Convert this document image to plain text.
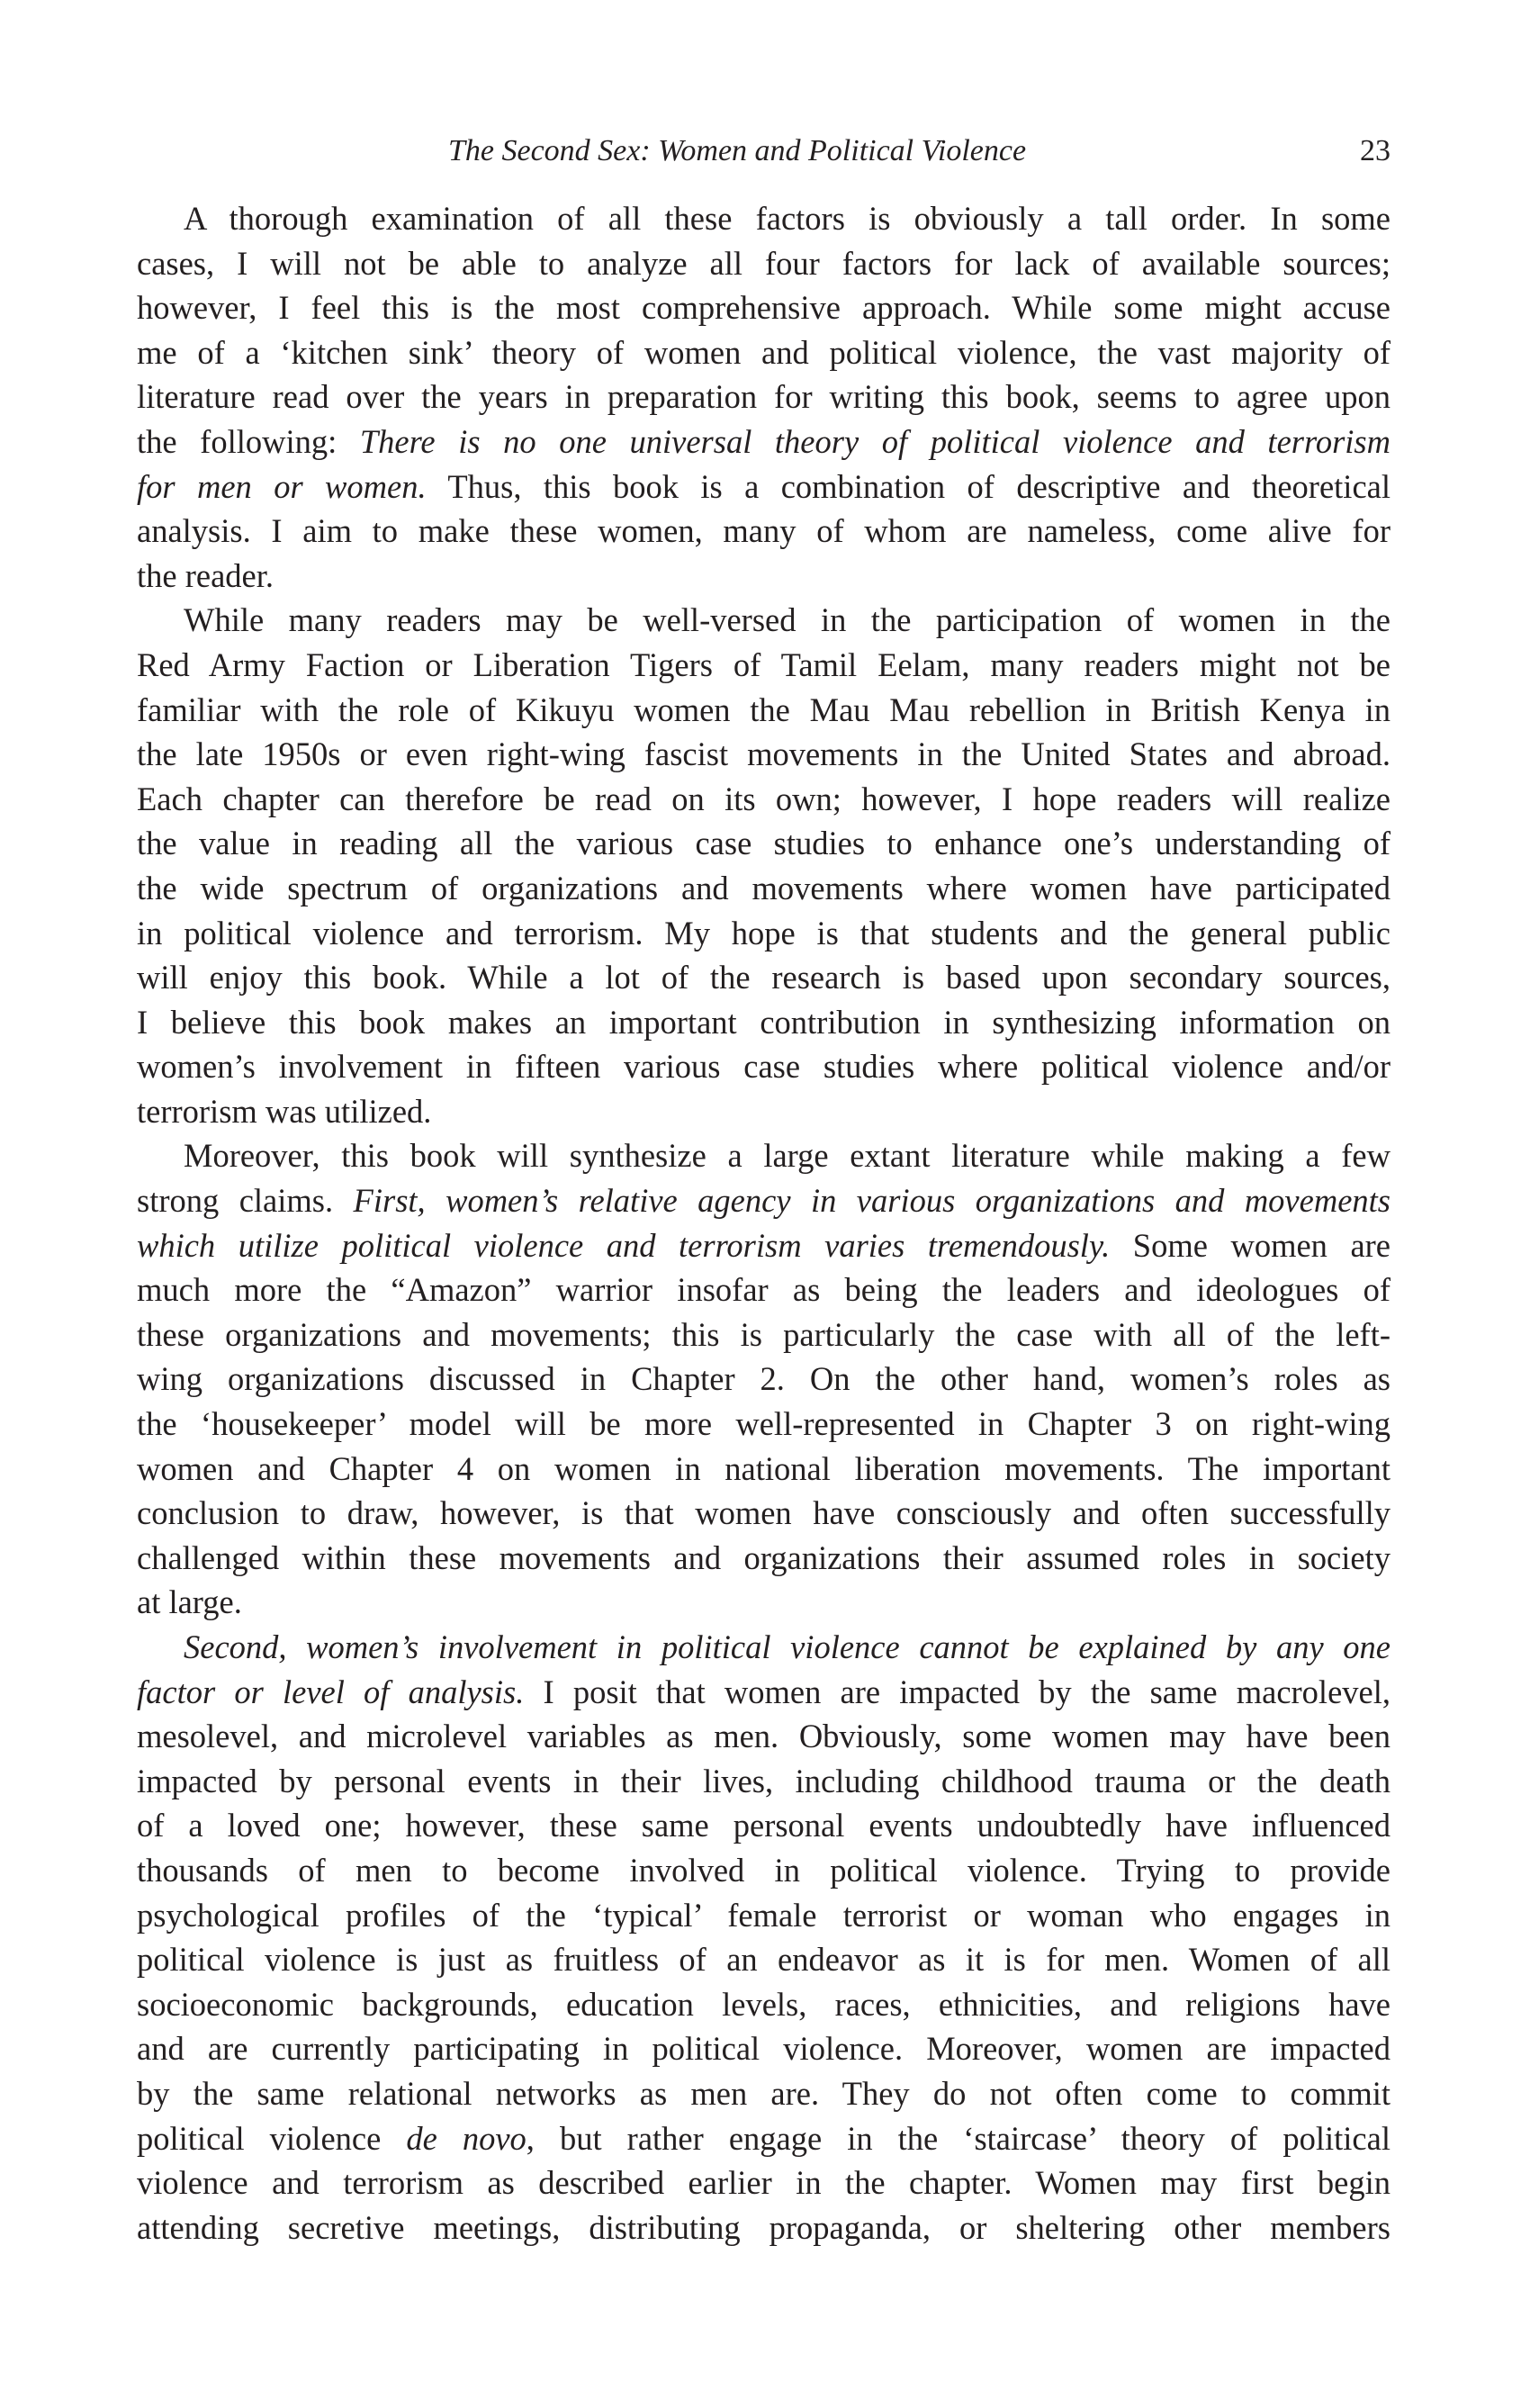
The Second Sex: Women and Political Violence	23
A thorough examination of all these factors is obviously a tall order. In some
cases, I will not be able to analyze all four factors for lack of available sources;
however, I feel this is the most comprehensive approach. While some might accuse
me of a ‘kitchen sink’ theory of women and political violence, the vast majority of
literature read over the years in preparation for writing this book, seems to agree upon
the following: There is no one universal theory of political violence and terrorism
for men or women. Thus, this book is a combination of descriptive and theoretical
analysis. I aim to make these women, many of whom are nameless, come alive for
the reader.
While many readers may be well-versed in the participation of women in the
Red Army Faction or Liberation Tigers of Tamil Eelam, many readers might not be
familiar with the role of Kikuyu women the Mau Mau rebellion in British Kenya in
the late 1950s or even right-wing fascist movements in the United States and abroad.
Each chapter can therefore be read on its own; however, I hope readers will realize
the value in reading all the various case studies to enhance one’s understanding of
the wide spectrum of organizations and movements where women have participated
in political violence and terrorism. My hope is that students and the general public
will enjoy this book. While a lot of the research is based upon secondary sources,
I believe this book makes an important contribution in synthesizing information on
women’s involvement in fifteen various case studies where political violence and/or
terrorism was utilized.
Moreover, this book will synthesize a large extant literature while making a few
strong claims. First, women’s relative agency in various organizations and movements
which utilize political violence and terrorism varies tremendously. Some women are
much more the “Amazon” warrior insofar as being the leaders and ideologues of
these organizations and movements; this is particularly the case with all of the left-
wing organizations discussed in Chapter 2. On the other hand, women’s roles as
the ‘housekeeper’ model will be more well-represented in Chapter 3 on right-wing
women and Chapter 4 on women in national liberation movements. The important
conclusion to draw, however, is that women have consciously and often successfully
challenged within these movements and organizations their assumed roles in society
at large.
Second, women’s involvement in political violence cannot be explained by any one
factor or level of analysis. I posit that women are impacted by the same macrolevel,
mesolevel, and microlevel variables as men. Obviously, some women may have been
impacted by personal events in their lives, including childhood trauma or the death
of a loved one; however, these same personal events undoubtedly have influenced
thousands of men to become involved in political violence. Trying to provide
psychological profiles of the ‘typical’ female terrorist or woman who engages in
political violence is just as fruitless of an endeavor as it is for men. Women of all
socioeconomic backgrounds, education levels, races, ethnicities, and religions have
and are currently participating in political violence. Moreover, women are impacted
by the same relational networks as men are. They do not often come to commit
political violence de novo, but rather engage in the ‘staircase’ theory of political
violence and terrorism as described earlier in the chapter. Women may first begin
attending secretive meetings, distributing propaganda, or sheltering other members
